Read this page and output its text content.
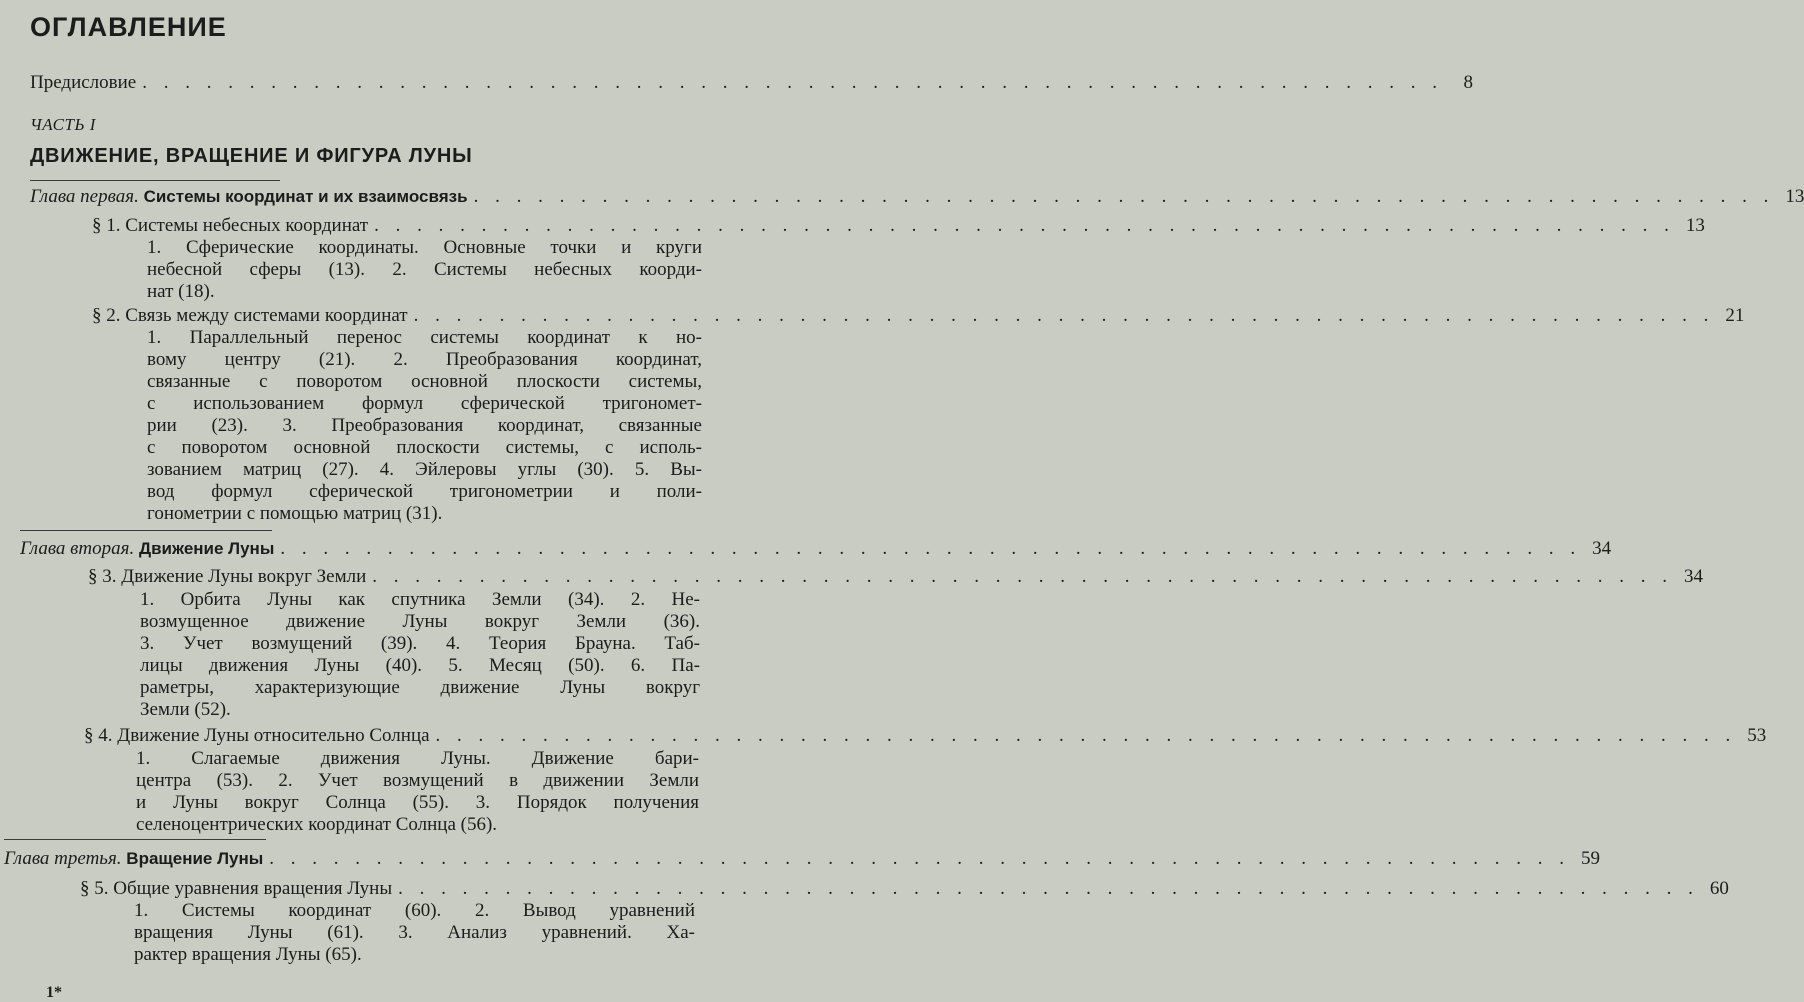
ОГЛАВЛЕНИЕ
Предисловие . . . . . . . . . . . . . . . . . . . . . . . . . . . . . . . . . . . . . . . . . . . . . . . . . . . . . . . . . . . . .	8
ЧАСТЬ I
ДВИЖЕНИЕ, ВРАЩЕНИЕ И ФИГУРА ЛУНЫ
Глава первая.
Системы координат и их взаимосвязь . . . . . . . . . . . . . . . . . . . . . . . . . . . . . . . . . . . . . . . . . . . . . . . . . . . . . . . . . . . . . 13
§ 1.
Системы небесных координат . . . . . . . . . . . . . . . . . . . . . . . . . . . . . . . . . . . . . . . . . . . . . . . . . . . . . . . . . . . . . 13
1. Сферические координаты. Основные точки и круги
небесной сферы (13). 2. Системы небесных коорди-
нат (18).
§ 2.
Связь между системами координат . . . . . . . . . . . . . . . . . . . . . . . . . . . . . . . . . . . . . . . . . . . . . . . . . . . . . . . . . . . . . 21
1. Параллельный перенос системы координат к но-
вому центру (21). 2. Преобразования координат,
связанные с поворотом основной плоскости системы,
с использованием формул сферической тригономет-
рии (23). 3. Преобразования координат, связанные
с поворотом основной плоскости системы, с исполь-
зованием матриц (27). 4. Эйлеровы углы (30). 5. Вы-
вод формул сферической тригонометрии и поли-
гонометрии с помощью матриц (31).
Глава вторая.
Движение Луны . . . . . . . . . . . . . . . . . . . . . . . . . . . . . . . . . . . . . . . . . . . . . . . . . . . . . . . . . . . . . 34
§ 3.
Движение Луны вокруг Земли . . . . . . . . . . . . . . . . . . . . . . . . . . . . . . . . . . . . . . . . . . . . . . . . . . . . . . . . . . . . . 34
1. Орбита Луны как спутника Земли (34). 2. Не-
возмущенное движение Луны вокруг Земли (36).
3. Учет возмущений (39). 4. Теория Брауна. Таб-
лицы движения Луны (40). 5. Месяц (50). 6. Па-
раметры, характеризующие движение Луны вокруг
Земли (52).
§ 4.
Движение Луны относительно Солнца . . . . . . . . . . . . . . . . . . . . . . . . . . . . . . . . . . . . . . . . . . . . . . . . . . . . . . . . . . . . . 53
1. Слагаемые движения Луны. Движение бари-
центра (53). 2. Учет возмущений в движении Земли
и Луны вокруг Солнца (55). 3. Порядок получения
селеноцентрических координат Солнца (56).
Глава третья.
Вращение Луны . . . . . . . . . . . . . . . . . . . . . . . . . . . . . . . . . . . . . . . . . . . . . . . . . . . . . . . . . . . . . 59
§ 5.
Общие уравнения вращения Луны . . . . . . . . . . . . . . . . . . . . . . . . . . . . . . . . . . . . . . . . . . . . . . . . . . . . . . . . . . . . . 60
1. Системы координат (60). 2. Вывод уравнений
вращения Луны (61). 3. Анализ уравнений. Ха-
рактер вращения Луны (65).
1*
